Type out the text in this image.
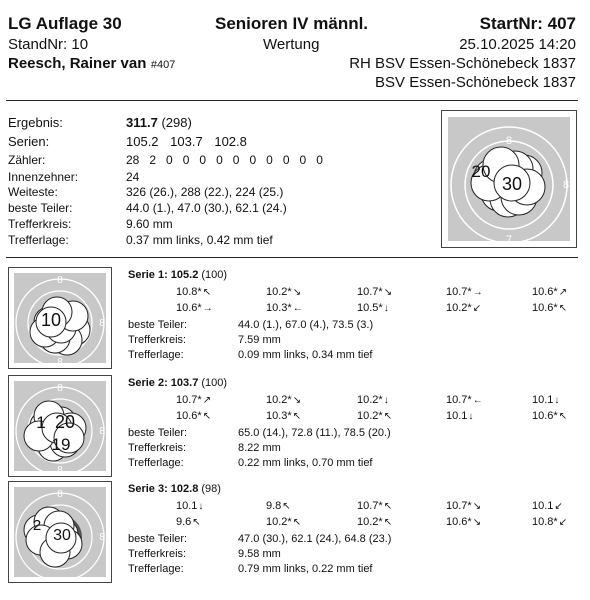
LG Auflage 30	Senioren IV männl.	StartNr: 407
StandNr: 10	Wertung	25.10.2025 14:20
Reesch, Rainer van #407	RH BSV Essen-Schönebeck 1837
BSV Essen-Schönebeck 1837
Ergebnis:	311.7 (298)
Serien:	105.2 103.7 102.8
Zähler:	28 2 0 0 0 0 0 0 0 0 0 0
Innenzehner:	24
Weiteste:	326 (26.), 288 (22.), 224 (25.)
beste Teiler:	44.0 (1.), 47.0 (30.), 62.1 (24.)
Trefferkreis:	9.60 mm
Trefferlage:	0.37 mm links, 0.42 mm tief
8
8
7
20
30
8
8
8
10
Serie 1: 105.2 (100)
10.8*↖	10.2*↘	10.7*↘	10.7*→	10.6*↗
10.6*→	10.3*←	10.5*↓	10.2*↙	10.6*↖
beste Teiler:	44.0 (1.), 67.0 (4.), 73.5 (3.)
Trefferkreis:	7.59 mm
Trefferlage:	0.09 mm links, 0.34 mm tief
8
8
8
1 20
19
Serie 2: 103.7 (100)
10.7*↗	10.2*↘	10.2*↓	10.7*←	10.1↓
10.6*↖	10.3*↖	10.2*↖	10.1↓	10.6*↖
beste Teiler:	65.0 (14.), 72.8 (11.), 78.5 (20.)
Trefferkreis:	8.22 mm
Trefferlage:	0.22 mm links, 0.70 mm tief
8
8
2
30
Serie 3: 102.8 (98)
10.1↓	9.8↖	10.7*↖	10.7*↘	10.1↙
9.6↖	10.2*↖	10.2*↖	10.6*↘	10.8*↙
beste Teiler:	47.0 (30.), 62.1 (24.), 64.8 (23.)
Trefferkreis:	9.58 mm
Trefferlage:	0.79 mm links, 0.22 mm tief
